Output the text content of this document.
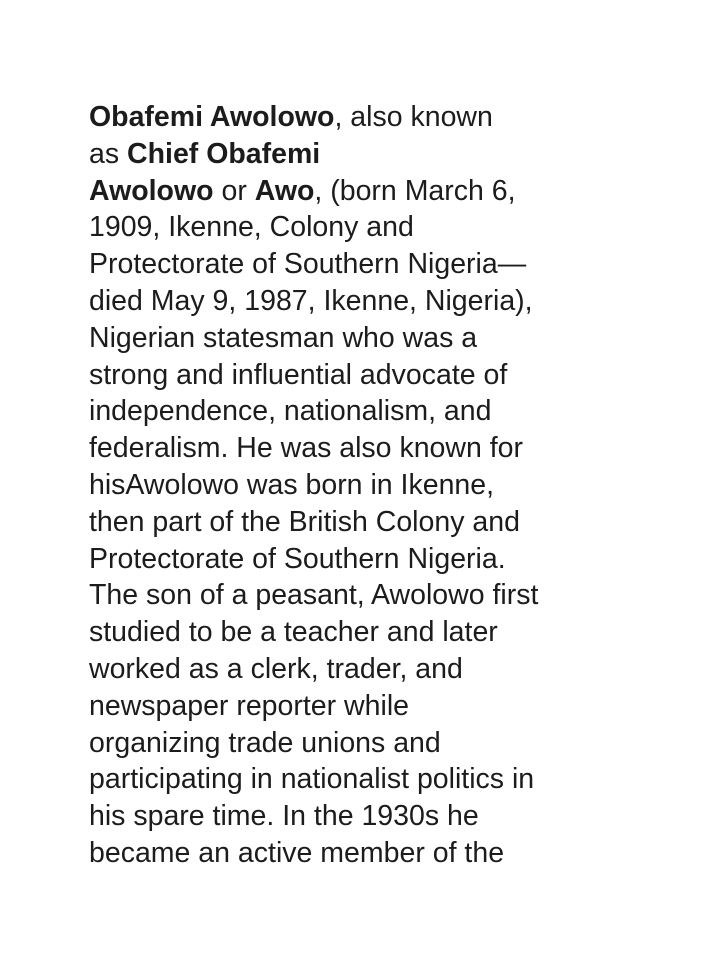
Obafemi Awolowo, also known
as Chief Obafemi
Awolowo or Awo, (born March 6,
1909, Ikenne, Colony and
Protectorate of Southern Nigeria—
died May 9, 1987, Ikenne, Nigeria),
Nigerian statesman who was a
strong and influential advocate of
independence, nationalism, and
federalism. He was also known for
hisAwolowo was born in Ikenne,
then part of the British Colony and
Protectorate of Southern Nigeria.
The son of a peasant, Awolowo first
studied to be a teacher and later
worked as a clerk, trader, and
newspaper reporter while
organizing trade unions and
participating in nationalist politics in
his spare time. In the 1930s he
became an active member of the
